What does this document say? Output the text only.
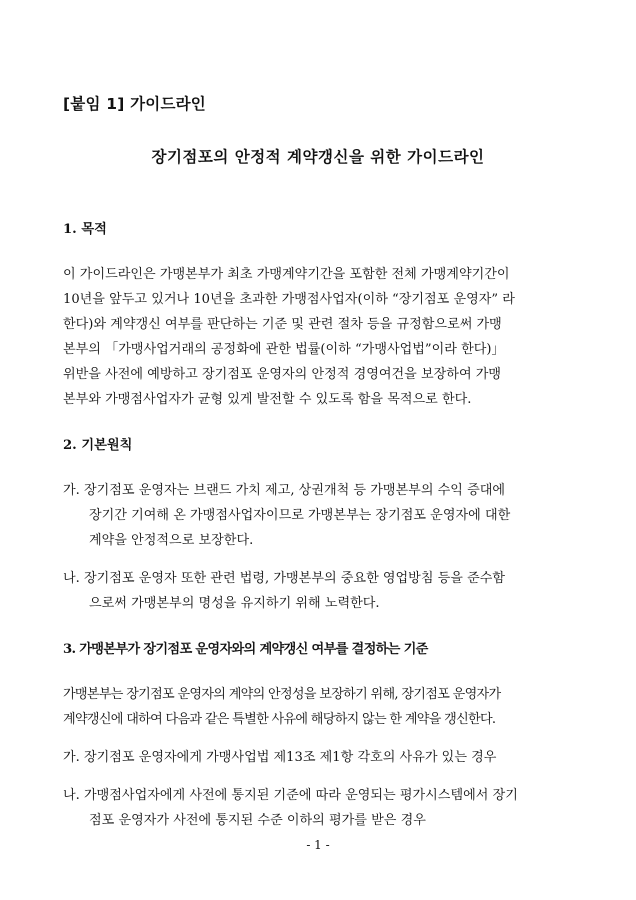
[붙임 1] 가이드라인
장기점포의 안정적 계약갱신을 위한 가이드라인
1. 목적
이 가이드라인은 가맹본부가 최초 가맹계약기간을 포함한 전체 가맹계약기간이
10년을 앞두고 있거나 10년을 초과한 가맹점사업자(이하 “장기점포 운영자” 라
한다)와 계약갱신 여부를 판단하는 기준 및 관련 절차 등을 규정함으로써 가맹
본부의 「가맹사업거래의 공정화에 관한 법률(이하 “가맹사업법”이라 한다)」
위반을 사전에 예방하고 장기점포 운영자의 안정적 경영여건을 보장하여 가맹
본부와 가맹점사업자가 균형 있게 발전할 수 있도록 함을 목적으로 한다.
2. 기본원칙
가. 장기점포 운영자는 브랜드 가치 제고, 상권개척 등 가맹본부의 수익 증대에
장기간 기여해 온 가맹점사업자이므로 가맹본부는 장기점포 운영자에 대한
계약을 안정적으로 보장한다.
나. 장기점포 운영자 또한 관련 법령, 가맹본부의 중요한 영업방침 등을 준수함
으로써 가맹본부의 명성을 유지하기 위해 노력한다.
3. 가맹본부가 장기점포 운영자와의 계약갱신 여부를 결정하는 기준
가맹본부는 장기점포 운영자의 계약의 안정성을 보장하기 위해, 장기점포 운영자가
계약갱신에 대하여 다음과 같은 특별한 사유에 해당하지 않는 한 계약을 갱신한다.
가. 장기점포 운영자에게 가맹사업법 제13조 제1항 각호의 사유가 있는 경우
나. 가맹점사업자에게 사전에 통지된 기준에 따라 운영되는 평가시스템에서 장기
점포 운영자가 사전에 통지된 수준 이하의 평가를 받은 경우
- 1 -
